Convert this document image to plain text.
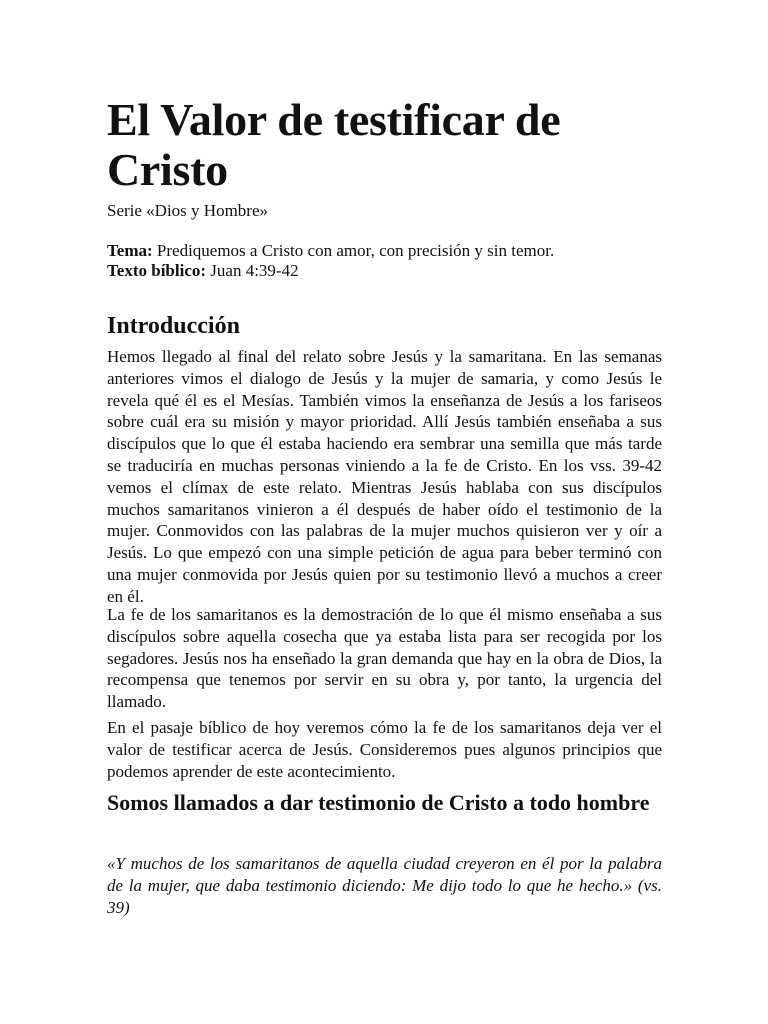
El Valor de testificar de Cristo

Serie «Dios y Hombre»

Tema: Prediquemos a Cristo con amor, con precisión y sin temor.
Texto bíblico: Juan 4:39-42
Introducción

Hemos llegado al final del relato sobre Jesús y la samaritana. En las semanas anteriores vimos el dialogo de Jesús y la mujer de samaria, y como Jesús le revela qué él es el Mesías. También vimos la enseñanza de Jesús a los fariseos sobre cuál era su misión y mayor prioridad. Allí Jesús también enseñaba a sus discípulos que lo que él estaba haciendo era sembrar una semilla que más tarde se traduciría en muchas personas viniendo a la fe de Cristo. En los vss. 39-42 vemos el clímax de este relato. Mientras Jesús hablaba con sus discípulos muchos samaritanos vinieron a él después de haber oído el testimonio de la mujer. Conmovidos con las palabras de la mujer muchos quisieron ver y oír a Jesús. Lo que empezó con una simple petición de agua para beber terminó con una mujer conmovida por Jesús quien por su testimonio llevó a muchos a creer en él.

La fe de los samaritanos es la demostración de lo que él mismo enseñaba a sus discípulos sobre aquella cosecha que ya estaba lista para ser recogida por los segadores. Jesús nos ha enseñado la gran demanda que hay en la obra de Dios, la recompensa que tenemos por servir en su obra y, por tanto, la urgencia del llamado.

En el pasaje bíblico de hoy veremos cómo la fe de los samaritanos deja ver el valor de testificar acerca de Jesús. Consideremos pues algunos principios que podemos aprender de este acontecimiento.

Somos llamados a dar testimonio de Cristo a todo hombre

«Y muchos de los samaritanos de aquella ciudad creyeron en él por la palabra de la mujer, que daba testimonio diciendo: Me dijo todo lo que he hecho.» (vs. 39)
